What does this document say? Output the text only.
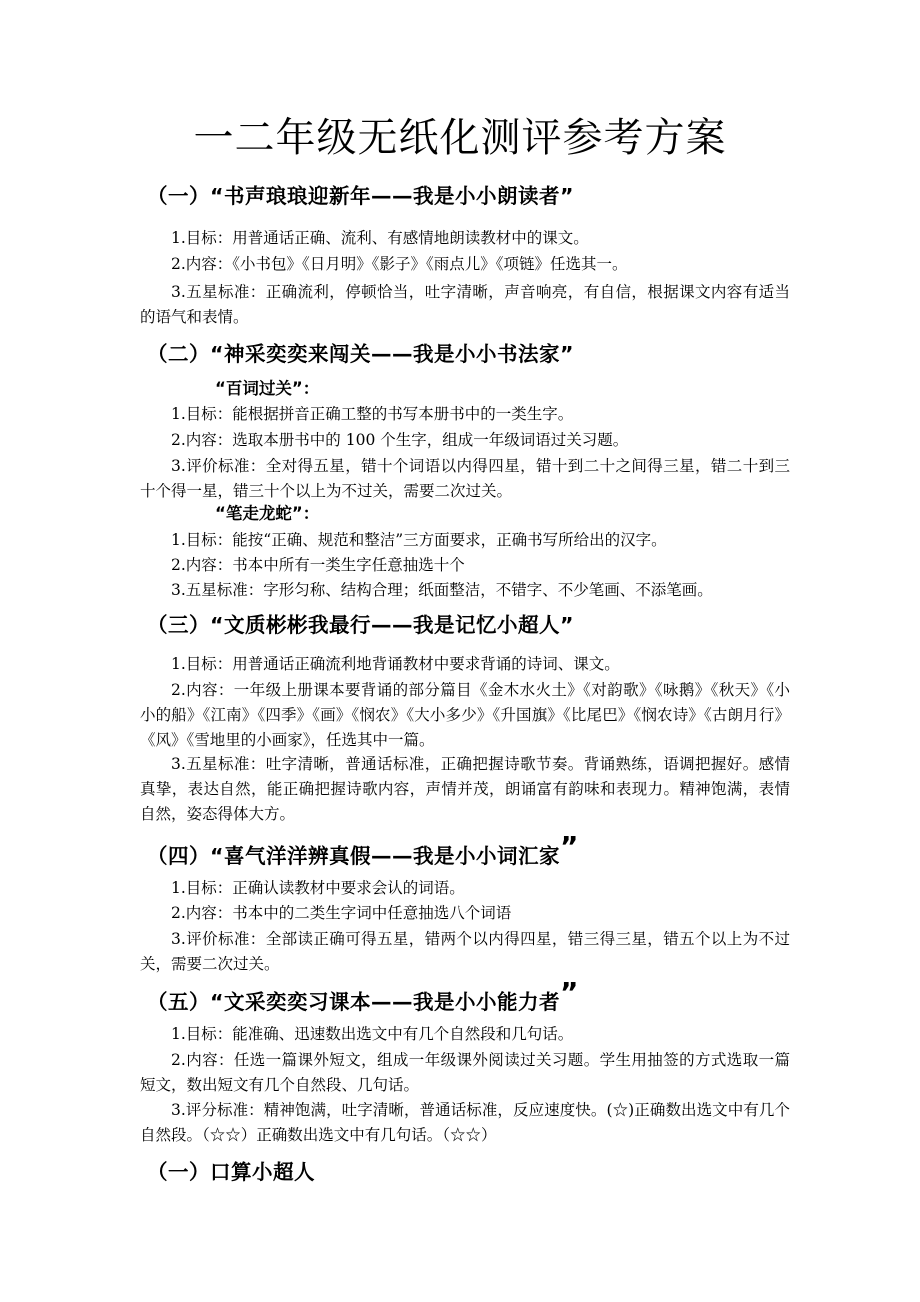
一二年级无纸化测评参考方案
（一）“书声琅琅迎新年——我是小小朗读者”
1.目标：用普通话正确、流利、有感情地朗读教材中的课文。
2.内容：《小书包》《日月明》《影子》《雨点儿》《项链》任选其一。
3.五星标准：正确流利，停顿恰当，吐字清晰，声音响亮，有自信，根据课文内容有适当的语气和表情。
（二）“神采奕奕来闯关——我是小小书法家”
“百词过关”：
1.目标：能根据拼音正确工整的书写本册书中的一类生字。
2.内容：选取本册书中的 100 个生字，组成一年级词语过关习题。
3.评价标准：全对得五星，错十个词语以内得四星，错十到二十之间得三星，错二十到三十个得一星，错三十个以上为不过关，需要二次过关。
“笔走龙蛇”：
1.目标：能按“正确、规范和整洁”三方面要求，正确书写所给出的汉字。
2.内容：书本中所有一类生字任意抽选十个
3.五星标准：字形匀称、结构合理；纸面整洁，不错字、不少笔画、不添笔画。
（三）“文质彬彬我最行——我是记忆小超人”
1.目标：用普通话正确流利地背诵教材中要求背诵的诗词、课文。
2.内容：一年级上册课本要背诵的部分篇目《金木水火土》《对韵歌》《咏鹅》《秋天》《小小的船》《江南》《四季》《画》《悯农》《大小多少》《升国旗》《比尾巴》《悯农诗》《古朗月行》《风》《雪地里的小画家》，任选其中一篇。
3.五星标准：吐字清晰，普通话标准，正确把握诗歌节奏。背诵熟练，语调把握好。感情真挚，表达自然，能正确把握诗歌内容，声情并茂，朗诵富有韵味和表现力。精神饱满，表情自然，姿态得体大方。
（四）“喜气洋洋辨真假——我是小小词汇家”
1.目标：正确认读教材中要求会认的词语。
2.内容：书本中的二类生字词中任意抽选八个词语
3.评价标准：全部读正确可得五星，错两个以内得四星，错三得三星，错五个以上为不过关，需要二次过关。
（五）“文采奕奕习课本——我是小小能力者”
1.目标：能准确、迅速数出选文中有几个自然段和几句话。
2.内容：任选一篇课外短文，组成一年级课外阅读过关习题。学生用抽签的方式选取一篇短文，数出短文有几个自然段、几句话。
3.评分标准：精神饱满，吐字清晰，普通话标准，反应速度快。(☆)正确数出选文中有几个自然段。（☆☆）正确数出选文中有几句话。（☆☆）
（一）口算小超人
